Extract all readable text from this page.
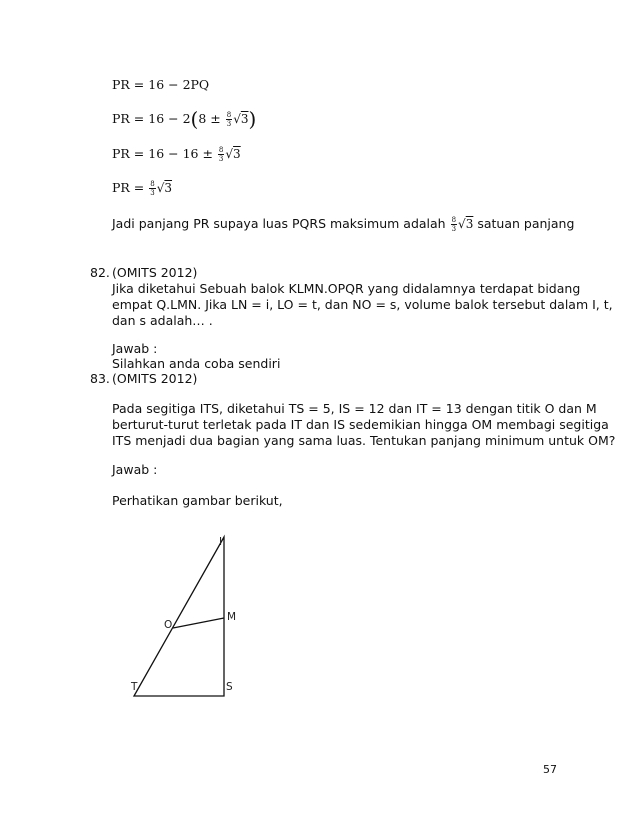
PR = 16 − 2PQ
PR = $16 - 2(8 \pm \frac{8}{3} √3)$
PR = $16 - 16 \pm \frac{8}{3} √3$
PR = $\frac{8}{3} √3$
Jadi panjang PR supaya luas PQRS maksimum adalah $\frac{8}{3} √3$ satuan panjang
82. (OMITS 2012)
Jika diketahui Sebuah balok KLMN.OPQR yang didalamnya terdapat bidang
empat Q.LMN. Jika LN = i, LO = t, dan NO = s, volume balok tersebut dalam I, t,
dan s adalah… .
Jawab :
Silahkan anda coba sendiri
83. (OMITS 2012)
Pada segitiga ITS, diketahui TS = 5, IS = 12 dan IT = 13 dengan titik O dan M
berturut-turut terletak pada IT dan IS sedemikian hingga OM membagi segitiga
ITS menjadi dua bagian yang sama luas. Tentukan panjang minimum untuk OM?
Jawab :
Perhatikan gambar berikut,
I
O
M
T	S
57
